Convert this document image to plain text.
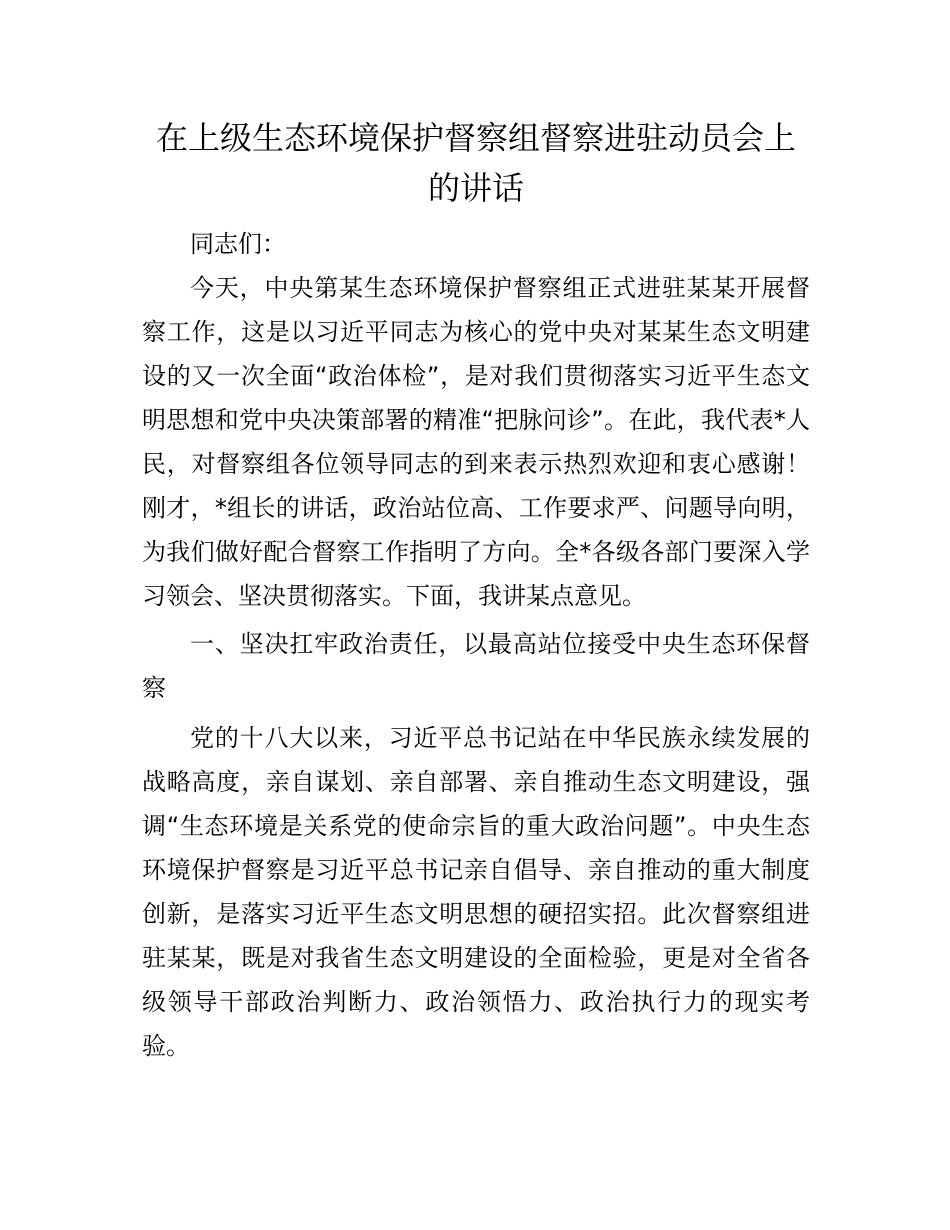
在上级生态环境保护督察组督察进驻动员会上的讲话

同志们：

今天，中央第某生态环境保护督察组正式进驻某某开展督察工作，这是以习近平同志为核心的党中央对某某生态文明建设的又一次全面“政治体检”，是对我们贯彻落实习近平生态文明思想和党中央决策部署的精准“把脉问诊”。在此，我代表*人民，对督察组各位领导同志的到来表示热烈欢迎和衷心感谢！刚才，*组长的讲话，政治站位高、工作要求严、问题导向明，为我们做好配合督察工作指明了方向。全*各级各部门要深入学习领会、坚决贯彻落实。下面，我讲某点意见。

一、坚决扛牢政治责任，以最高站位接受中央生态环保督察

党的十八大以来，习近平总书记站在中华民族永续发展的战略高度，亲自谋划、亲自部署、亲自推动生态文明建设，强调“生态环境是关系党的使命宗旨的重大政治问题”。中央生态环境保护督察是习近平总书记亲自倡导、亲自推动的重大制度创新，是落实习近平生态文明思想的硬招实招。此次督察组进驻某某，既是对我省生态文明建设的全面检验，更是对全省各级领导干部政治判断力、政治领悟力、政治执行力的现实考验。
